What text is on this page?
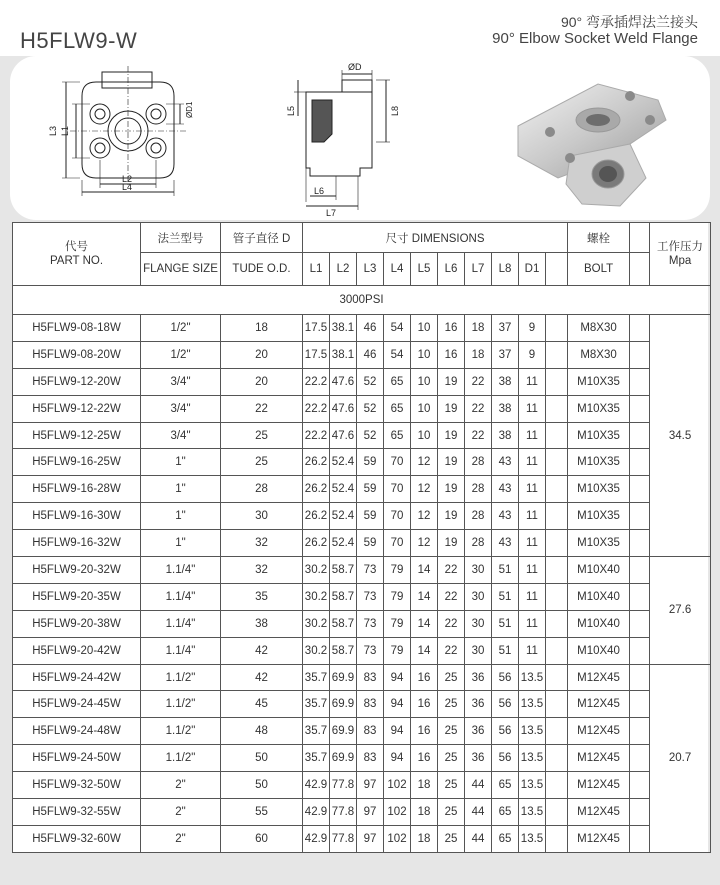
H5FLW9-W
90° 弯承插焊法兰接头
90° Elbow Socket Weld Flange
L3 L1
L2
L4
ØD1
ØD
L5	L8
L6
L7
代号
PART NO.	法兰型号	管子直径 D	尺寸 DIMENSIONS										螺栓		工作压力
Mpa

	FLANGE SIZE	TUDE O.D.	L1	L2	L3	L4	L5	L6	L7	L8	D1		BOLT		
3000PSI															
H5FLW9-08-18W	1/2"	18	17.5	38.1	46	54	10	16	18	37	9		M8X30		34.5
H5FLW9-08-20W	1/2"	20	17.5	38.1	46	54	10	16	18	37	9		M8X30		
H5FLW9-12-20W	3/4"	20	22.2	47.6	52	65	10	19	22	38	11		M10X35		
H5FLW9-12-22W	3/4"	22	22.2	47.6	52	65	10	19	22	38	11		M10X35		
H5FLW9-12-25W	3/4"	25	22.2	47.6	52	65	10	19	22	38	11		M10X35		
H5FLW9-16-25W	1"	25	26.2	52.4	59	70	12	19	28	43	11		M10X35		
H5FLW9-16-28W	1"	28	26.2	52.4	59	70	12	19	28	43	11		M10X35		
H5FLW9-16-30W	1"	30	26.2	52.4	59	70	12	19	28	43	11		M10X35		
H5FLW9-16-32W	1"	32	26.2	52.4	59	70	12	19	28	43	11		M10X35		
H5FLW9-20-32W	1.1/4"	32	30.2	58.7	73	79	14	22	30	51	11		M10X40		27.6
H5FLW9-20-35W	1.1/4"	35	30.2	58.7	73	79	14	22	30	51	11		M10X40		
H5FLW9-20-38W	1.1/4"	38	30.2	58.7	73	79	14	22	30	51	11		M10X40		
H5FLW9-20-42W	1.1/4"	42	30.2	58.7	73	79	14	22	30	51	11		M10X40		
H5FLW9-24-42W	1.1/2"	42	35.7	69.9	83	94	16	25	36	56	13.5		M12X45		20.7
H5FLW9-24-45W	1.1/2"	45	35.7	69.9	83	94	16	25	36	56	13.5		M12X45		
H5FLW9-24-48W	1.1/2"	48	35.7	69.9	83	94	16	25	36	56	13.5		M12X45		
H5FLW9-24-50W	1.1/2"	50	35.7	69.9	83	94	16	25	36	56	13.5		M12X45		
H5FLW9-32-50W	2"	50	42.9	77.8	97	102	18	25	44	65	13.5		M12X45		
H5FLW9-32-55W	2"	55	42.9	77.8	97	102	18	25	44	65	13.5		M12X45		
H5FLW9-32-60W	2"	60	42.9	77.8	97	102	18	25	44	65	13.5		M12X45		
